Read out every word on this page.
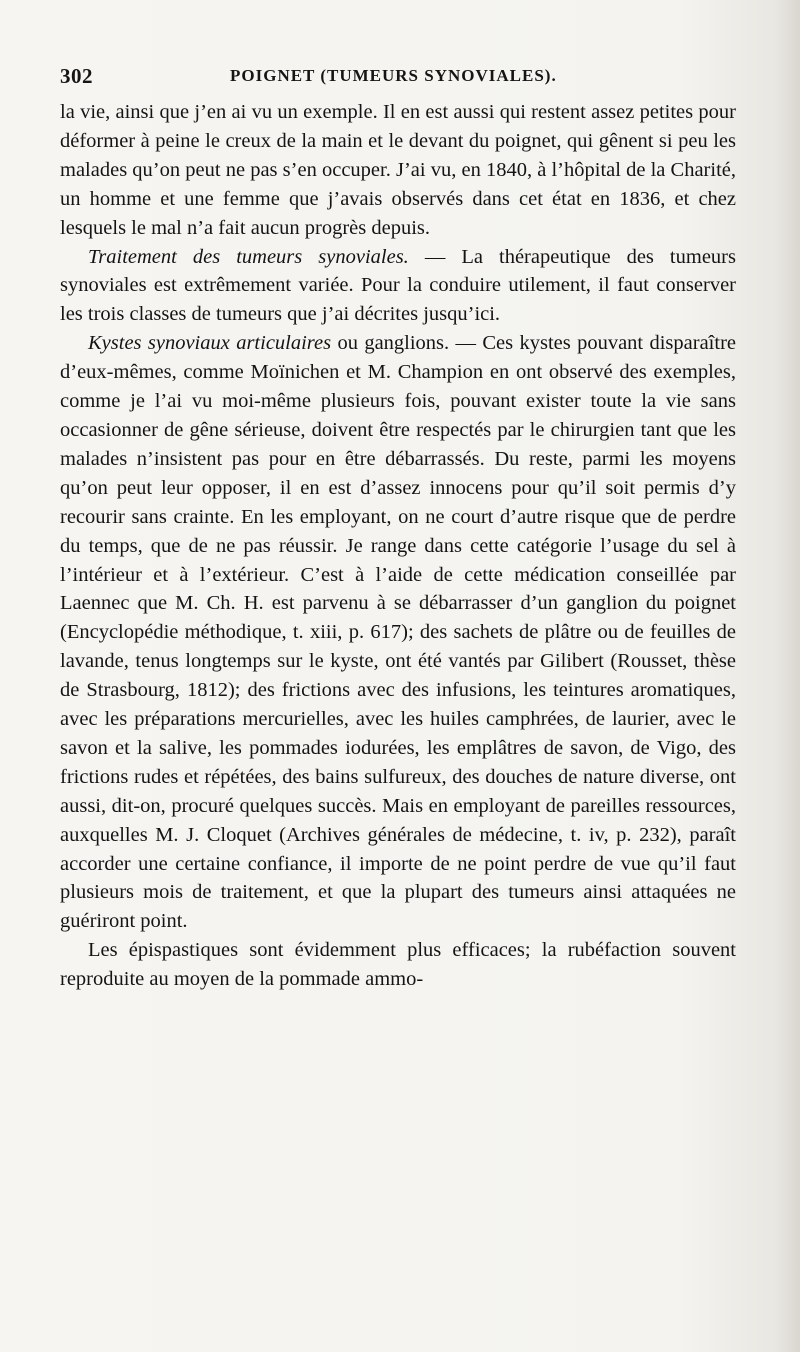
302	POIGNET (TUMEURS SYNOVIALES).

la vie, ainsi que j’en ai vu un exemple. Il en est aussi qui restent assez petites pour déformer à peine le creux de la main et le devant du poignet, qui gênent si peu les malades qu’on peut ne pas s’en occuper. J’ai vu, en 1840, à l’hôpital de la Charité, un homme et une femme que j’avais observés dans cet état en 1836, et chez lesquels le mal n’a fait aucun progrès depuis.

Traitement des tumeurs synoviales. — La thérapeutique des tumeurs synoviales est extrêmement variée. Pour la conduire utilement, il faut conserver les trois classes de tumeurs que j’ai décrites jusqu’ici.

Kystes synoviaux articulaires ou ganglions. — Ces kystes pouvant disparaître d’eux-mêmes, comme Moïnichen et M. Champion en ont observé des exemples, comme je l’ai vu moi-même plusieurs fois, pouvant exister toute la vie sans occasionner de gêne sérieuse, doivent être respectés par le chirurgien tant que les malades n’insistent pas pour en être débarrassés. Du reste, parmi les moyens qu’on peut leur opposer, il en est d’assez innocens pour qu’il soit permis d’y recourir sans crainte. En les employant, on ne court d’autre risque que de perdre du temps, que de ne pas réussir. Je range dans cette catégorie l’usage du sel à l’intérieur et à l’extérieur. C’est à l’aide de cette médication conseillée par Laennec que M. Ch. H. est parvenu à se débarrasser d’un ganglion du poignet (Encyclopédie méthodique, t. xiii, p. 617); des sachets de plâtre ou de feuilles de lavande, tenus longtemps sur le kyste, ont été vantés par Gilibert (Rousset, thèse de Strasbourg, 1812); des frictions avec des infusions, les teintures aromatiques, avec les préparations mercurielles, avec les huiles camphrées, de laurier, avec le savon et la salive, les pommades iodurées, les emplâtres de savon, de Vigo, des frictions rudes et répétées, des bains sulfureux, des douches de nature diverse, ont aussi, dit-on, procuré quelques succès. Mais en employant de pareilles ressources, auxquelles M. J. Cloquet (Archives générales de médecine, t. iv, p. 232), paraît accorder une certaine confiance, il importe de ne point perdre de vue qu’il faut plusieurs mois de traitement, et que la plupart des tumeurs ainsi attaquées ne guériront point.

Les épispastiques sont évidemment plus efficaces; la rubéfaction souvent reproduite au moyen de la pommade ammo-
